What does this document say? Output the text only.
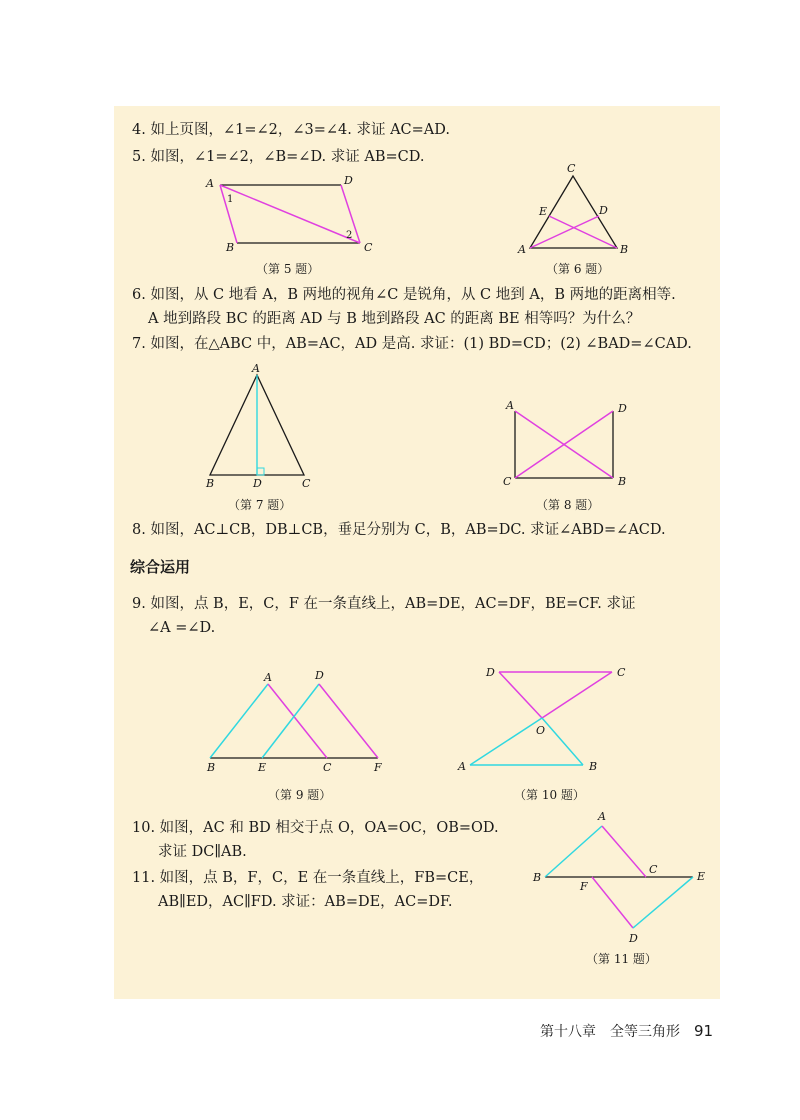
4. 如上页图，∠1=∠2，∠3=∠4. 求证 AC=AD.
5. 如图，∠1=∠2，∠B=∠D. 求证 AB=CD.
（第 5 题）	（第 6 题）
6. 如图，从 C 地看 A，B 两地的视角∠C 是锐角，从 C 地到 A，B 两地的距离相等.
A 地到路段 BC 的距离 AD 与 B 地到路段 AC 的距离 BE 相等吗？为什么？
7. 如图，在△ABC 中，AB=AC，AD 是高. 求证：(1) BD=CD；(2) ∠BAD=∠CAD.
（第 7 题）	（第 8 题）
8. 如图，AC⊥CB，DB⊥CB，垂足分别为 C，B，AB=DC. 求证∠ABD=∠ACD.
综合运用
9. 如图，点 B，E，C，F 在一条直线上，AB=DE，AC=DF，BE=CF. 求证
∠A =∠D.
（第 9 题）	（第 10 题）
10. 如图，AC 和 BD 相交于点 O，OA=OC，OB=OD.
求证 DC∥AB.
11. 如图，点 B，F，C，E 在一条直线上，FB=CE，
AB∥ED，AC∥FD. 求证：AB=DE，AC=DF.
（第 11 题）
A	D
B	C
1
2
C
E	D
A	B
A
B	D	C
A	D
C	B
A	D
B	E	C	F
D	C
O
A	B
A
B
C
E
F
D
第十八章　全等三角形 91
